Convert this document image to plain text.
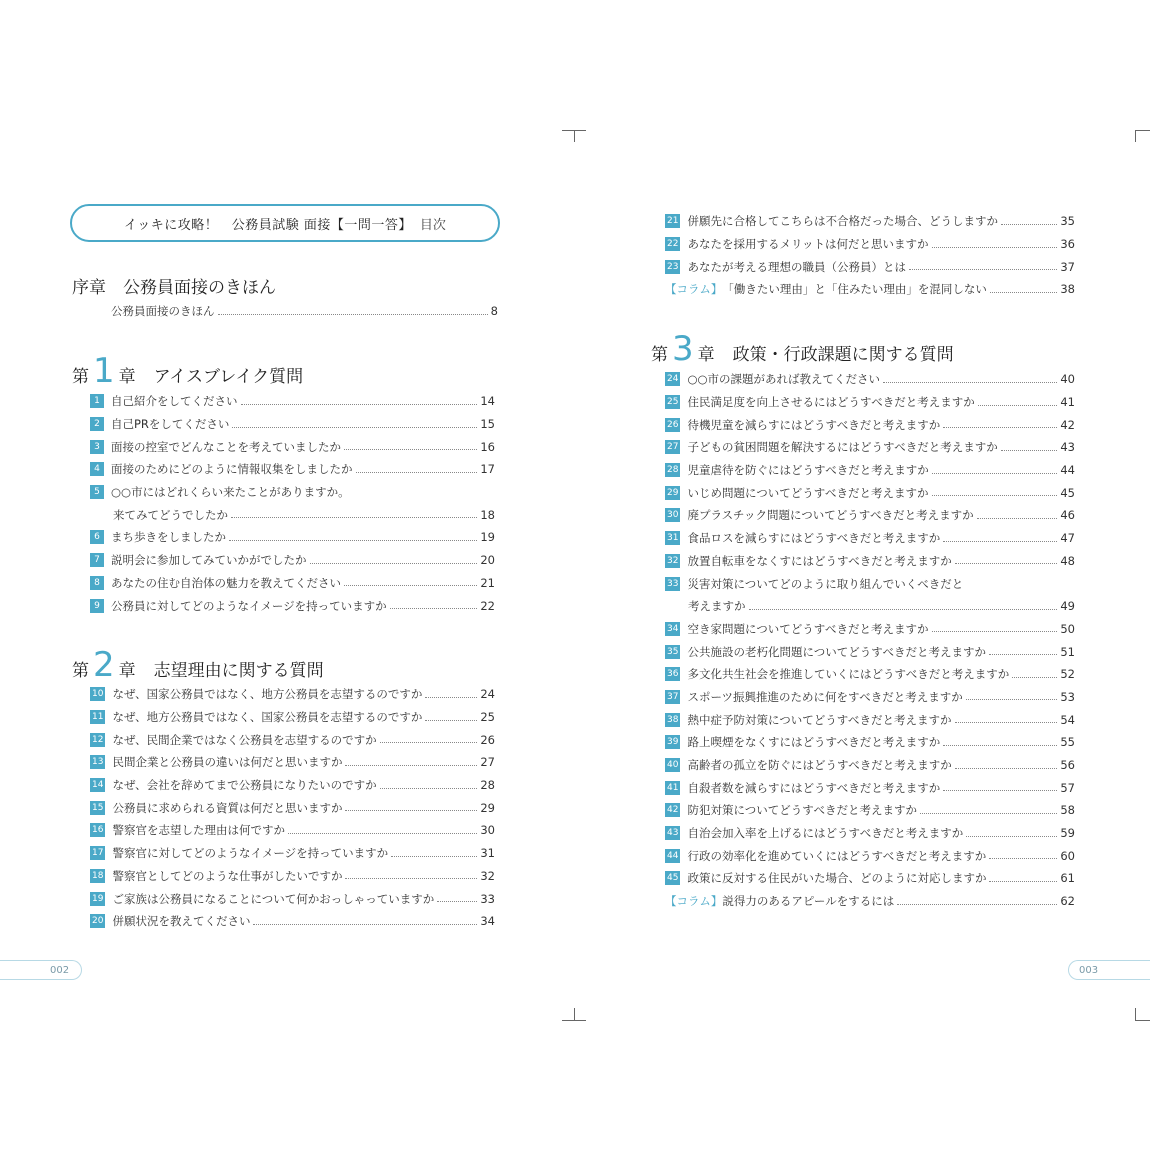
イッキに攻略！　公務員試験 面接【一問一答】 目次
序章　公務員面接のきほん
公務員面接のきほん	8
第 1 章 アイスブレイク質問
1 自己紹介をしてください	14
2 自己PRをしてください	15
3 面接の控室でどんなことを考えていましたか	16
4 面接のためにどのように情報収集をしましたか	17
5 ○○市にはどれくらい来たことがありますか。
来てみてどうでしたか	18
6 まち歩きをしましたか	19
7 説明会に参加してみていかがでしたか	20
8 あなたの住む自治体の魅力を教えてください	21
9 公務員に対してどのようなイメージを持っていますか	22
第 2 章 志望理由に関する質問
10 なぜ、国家公務員ではなく、地方公務員を志望するのですか	24
11 なぜ、地方公務員ではなく、国家公務員を志望するのですか	25
12 なぜ、民間企業ではなく公務員を志望するのですか	26
13 民間企業と公務員の違いは何だと思いますか	27
14 なぜ、会社を辞めてまで公務員になりたいのですか	28
15 公務員に求められる資質は何だと思いますか	29
16 警察官を志望した理由は何ですか	30
17 警察官に対してどのようなイメージを持っていますか	31
18 警察官としてどのような仕事がしたいですか	32
19 ご家族は公務員になることについて何かおっしゃっていますか	33
20 併願状況を教えてください	34
002
21 併願先に合格してこちらは不合格だった場合、どうしますか	35
22 あなたを採用するメリットは何だと思いますか	36
23 あなたが考える理想の職員（公務員）とは	37
【コラム】 「働きたい理由」と「住みたい理由」を混同しない	38
第 3 章 政策・行政課題に関する質問
24 ○○市の課題があれば教えてください	40
25 住民満足度を向上させるにはどうすべきだと考えますか	41
26 待機児童を減らすにはどうすべきだと考えますか	42
27 子どもの貧困問題を解決するにはどうすべきだと考えますか	43
28 児童虐待を防ぐにはどうすべきだと考えますか	44
29 いじめ問題についてどうすべきだと考えますか	45
30 廃プラスチック問題についてどうすべきだと考えますか	46
31 食品ロスを減らすにはどうすべきだと考えますか	47
32 放置自転車をなくすにはどうすべきだと考えますか	48
33 災害対策についてどのように取り組んでいくべきだと
考えますか	49
34 空き家問題についてどうすべきだと考えますか	50
35 公共施設の老朽化問題についてどうすべきだと考えますか	51
36 多文化共生社会を推進していくにはどうすべきだと考えますか	52
37 スポーツ振興推進のために何をすべきだと考えますか	53
38 熱中症予防対策についてどうすべきだと考えますか	54
39 路上喫煙をなくすにはどうすべきだと考えますか	55
40 高齢者の孤立を防ぐにはどうすべきだと考えますか	56
41 自殺者数を減らすにはどうすべきだと考えますか	57
42 防犯対策についてどうすべきだと考えますか	58
43 自治会加入率を上げるにはどうすべきだと考えますか	59
44 行政の効率化を進めていくにはどうすべきだと考えますか	60
45 政策に反対する住民がいた場合、どのように対応しますか	61
【コラム】 説得力のあるアピールをするには	62
003
